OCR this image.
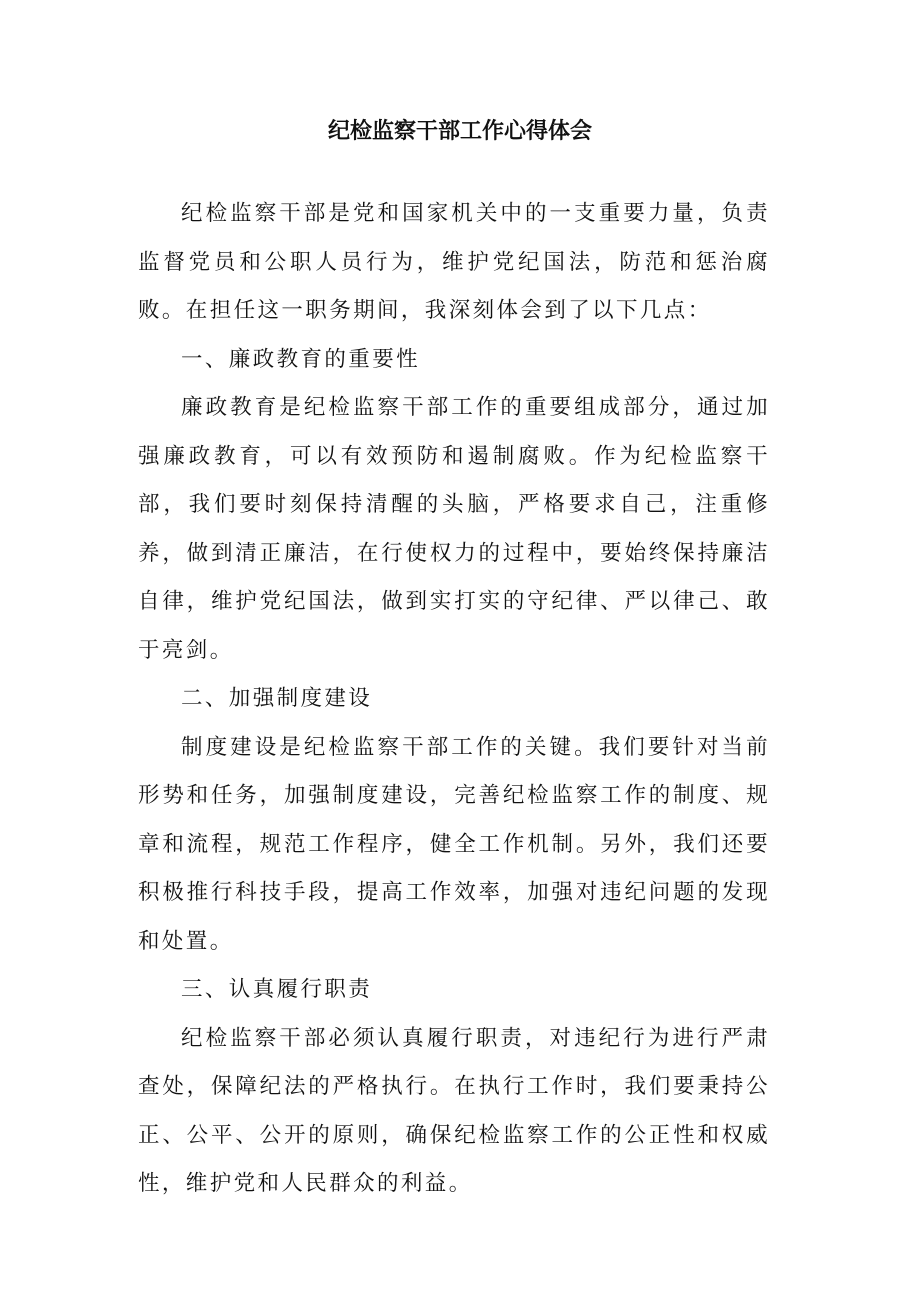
纪检监察干部工作心得体会

纪检监察干部是党和国家机关中的一支重要力量，负责监督党员和公职人员行为，维护党纪国法，防范和惩治腐败。在担任这一职务期间，我深刻体会到了以下几点：

一、廉政教育的重要性

廉政教育是纪检监察干部工作的重要组成部分，通过加强廉政教育，可以有效预防和遏制腐败。作为纪检监察干部，我们要时刻保持清醒的头脑，严格要求自己，注重修养，做到清正廉洁，在行使权力的过程中，要始终保持廉洁自律，维护党纪国法，做到实打实的守纪律、严以律己、敢于亮剑。

二、加强制度建设

制度建设是纪检监察干部工作的关键。我们要针对当前形势和任务，加强制度建设，完善纪检监察工作的制度、规章和流程，规范工作程序，健全工作机制。另外，我们还要积极推行科技手段，提高工作效率，加强对违纪问题的发现和处置。

三、认真履行职责

纪检监察干部必须认真履行职责，对违纪行为进行严肃查处，保障纪法的严格执行。在执行工作时，我们要秉持公正、公平、公开的原则，确保纪检监察工作的公正性和权威性，维护党和人民群众的利益。
